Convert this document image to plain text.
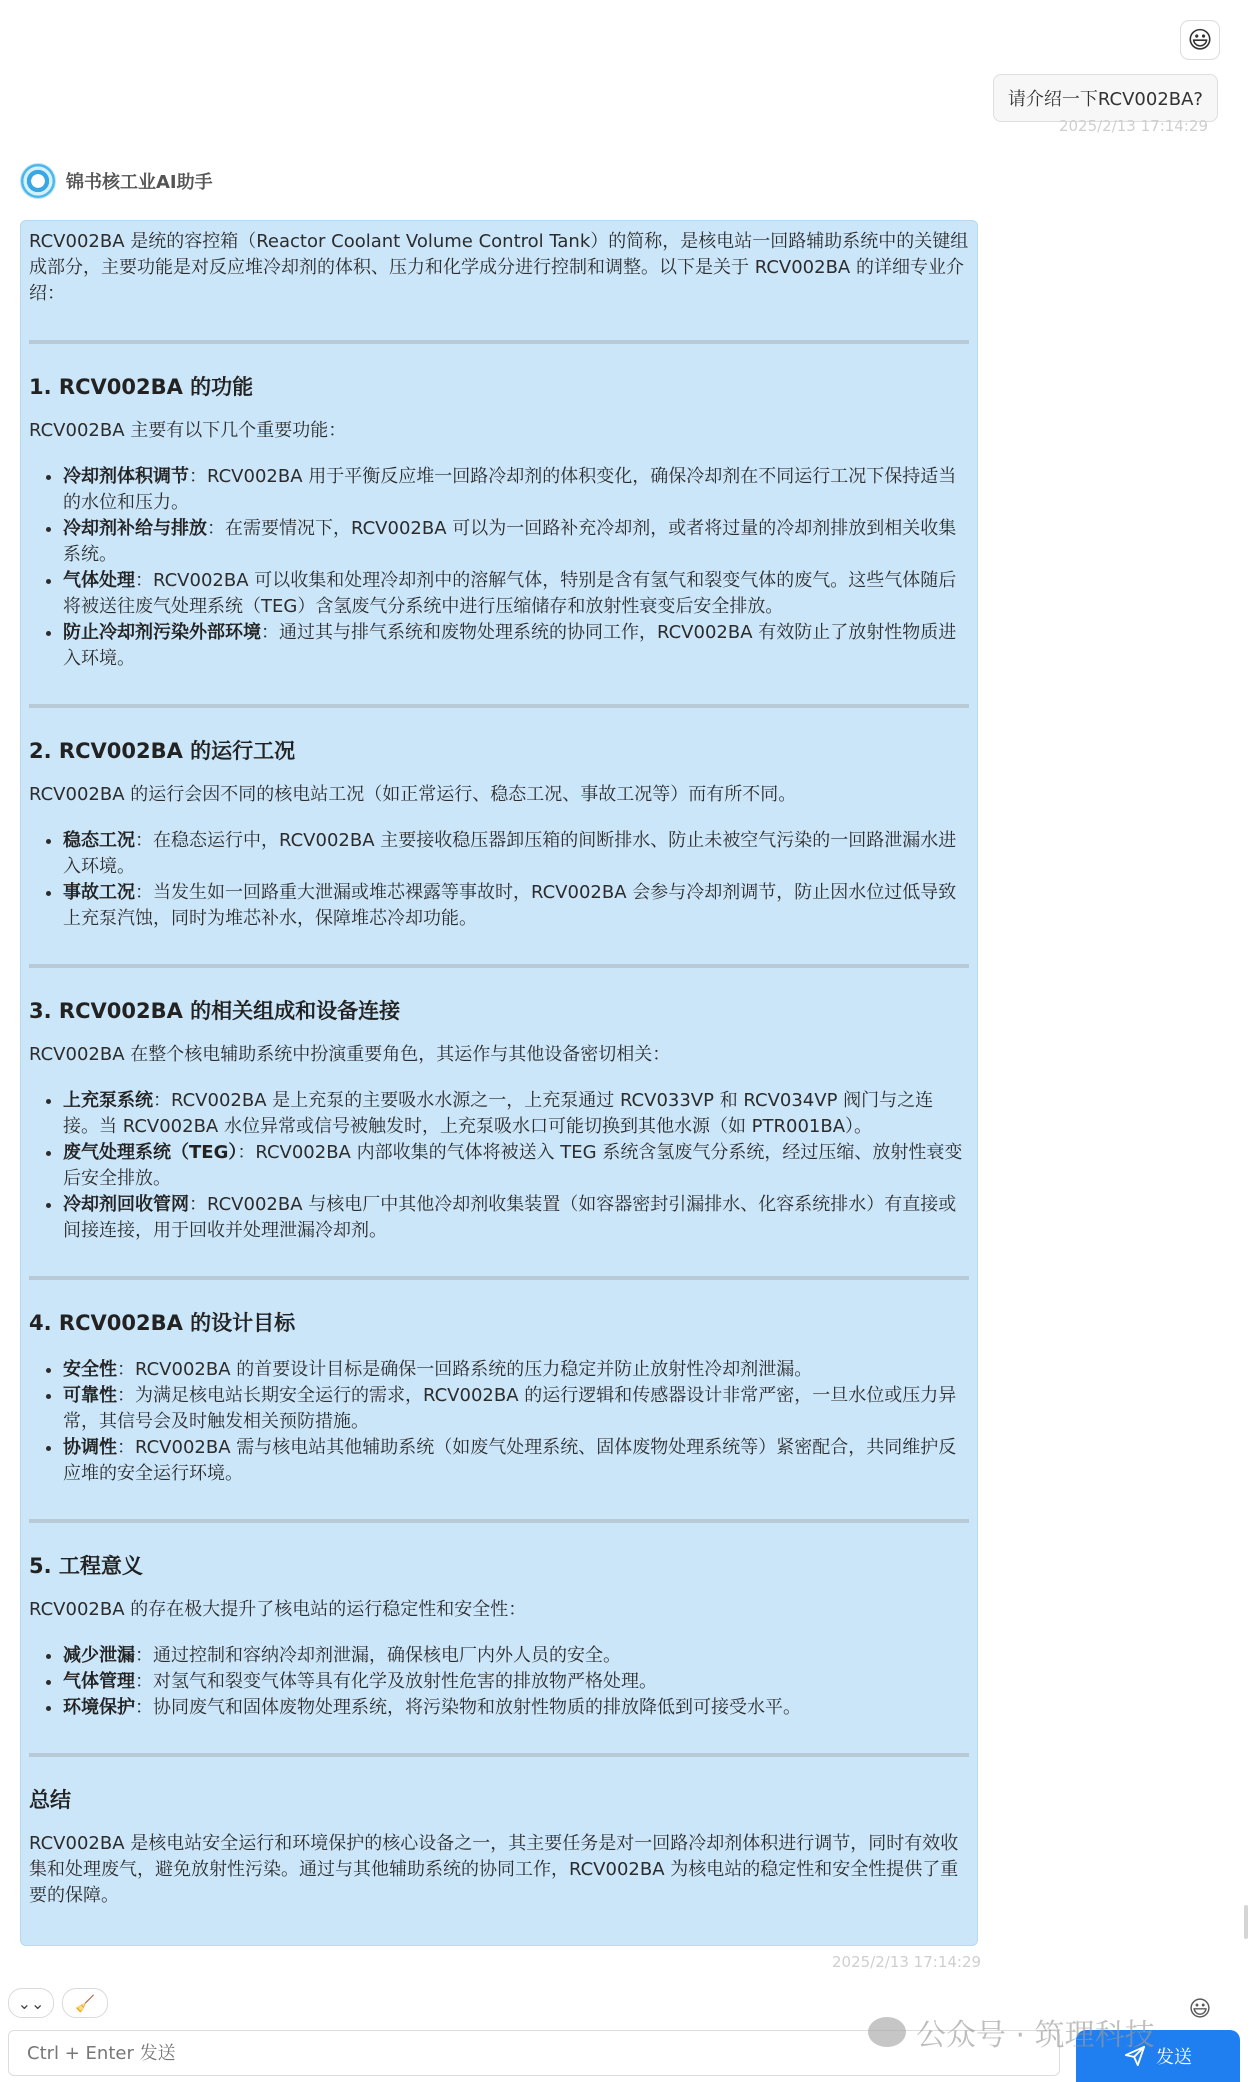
😃
请介绍一下RCV002BA?
2025/2/13 17:14:29
锦书核工业AI助手

RCV002BA 是统的容控箱（Reactor Coolant Volume Control Tank）的简称，是核电站一回路辅助系统中的关键组成部分，主要功能是对反应堆冷却剂的体积、压力和化学成分进行控制和调整。以下是关于 RCV002BA 的详细专业介绍：

1. RCV002BA 的功能

RCV002BA 主要有以下几个重要功能：

• 冷却剂体积调节：RCV002BA 用于平衡反应堆一回路冷却剂的体积变化，确保冷却剂在不同运行工况下保持适当的水位和压力。
• 冷却剂补给与排放：在需要情况下，RCV002BA 可以为一回路补充冷却剂，或者将过量的冷却剂排放到相关收集系统。
• 气体处理：RCV002BA 可以收集和处理冷却剂中的溶解气体，特别是含有氢气和裂变气体的废气。这些气体随后将被送往废气处理系统（TEG）含氢废气分系统中进行压缩储存和放射性衰变后安全排放。
• 防止冷却剂污染外部环境：通过其与排气系统和废物处理系统的协同工作，RCV002BA 有效防止了放射性物质进入环境。
2. RCV002BA 的运行工况

RCV002BA 的运行会因不同的核电站工况（如正常运行、稳态工况、事故工况等）而有所不同。

• 稳态工况：在稳态运行中，RCV002BA 主要接收稳压器卸压箱的间断排水、防止未被空气污染的一回路泄漏水进入环境。
• 事故工况：当发生如一回路重大泄漏或堆芯裸露等事故时，RCV002BA 会参与冷却剂调节，防止因水位过低导致上充泵汽蚀，同时为堆芯补水，保障堆芯冷却功能。
3. RCV002BA 的相关组成和设备连接

RCV002BA 在整个核电辅助系统中扮演重要角色，其运作与其他设备密切相关：

• 上充泵系统：RCV002BA 是上充泵的主要吸水水源之一，上充泵通过 RCV033VP 和 RCV034VP 阀门与之连接。当 RCV002BA 水位异常或信号被触发时，上充泵吸水口可能切换到其他水源（如 PTR001BA）。
• 废气处理系统（TEG）：RCV002BA 内部收集的气体将被送入 TEG 系统含氢废气分系统，经过压缩、放射性衰变后安全排放。
• 冷却剂回收管网：RCV002BA 与核电厂中其他冷却剂收集装置（如容器密封引漏排水、化容系统排水）有直接或间接连接，用于回收并处理泄漏冷却剂。
4. RCV002BA 的设计目标
• 安全性：RCV002BA 的首要设计目标是确保一回路系统的压力稳定并防止放射性冷却剂泄漏。
• 可靠性：为满足核电站长期安全运行的需求，RCV002BA 的运行逻辑和传感器设计非常严密，一旦水位或压力异常，其信号会及时触发相关预防措施。
• 协调性：RCV002BA 需与核电站其他辅助系统（如废气处理系统、固体废物处理系统等）紧密配合，共同维护反应堆的安全运行环境。
5. 工程意义

RCV002BA 的存在极大提升了核电站的运行稳定性和安全性：

• 减少泄漏：通过控制和容纳冷却剂泄漏，确保核电厂内外人员的安全。
• 气体管理：对氢气和裂变气体等具有化学及放射性危害的排放物严格处理。
• 环境保护：协同废气和固体废物处理系统，将污染物和放射性物质的排放降低到可接受水平。
总结

RCV002BA 是核电站安全运行和环境保护的核心设备之一，其主要任务是对一回路冷却剂体积进行调节，同时有效收集和处理废气，避免放射性污染。通过与其他辅助系统的协同工作，RCV002BA 为核电站的稳定性和安全性提供了重要的保障。

2025/2/13 17:14:29
⌄⌄ 🧹	😃
Ctrl + Enter 发送
发送
公众号 · 筑理科技
